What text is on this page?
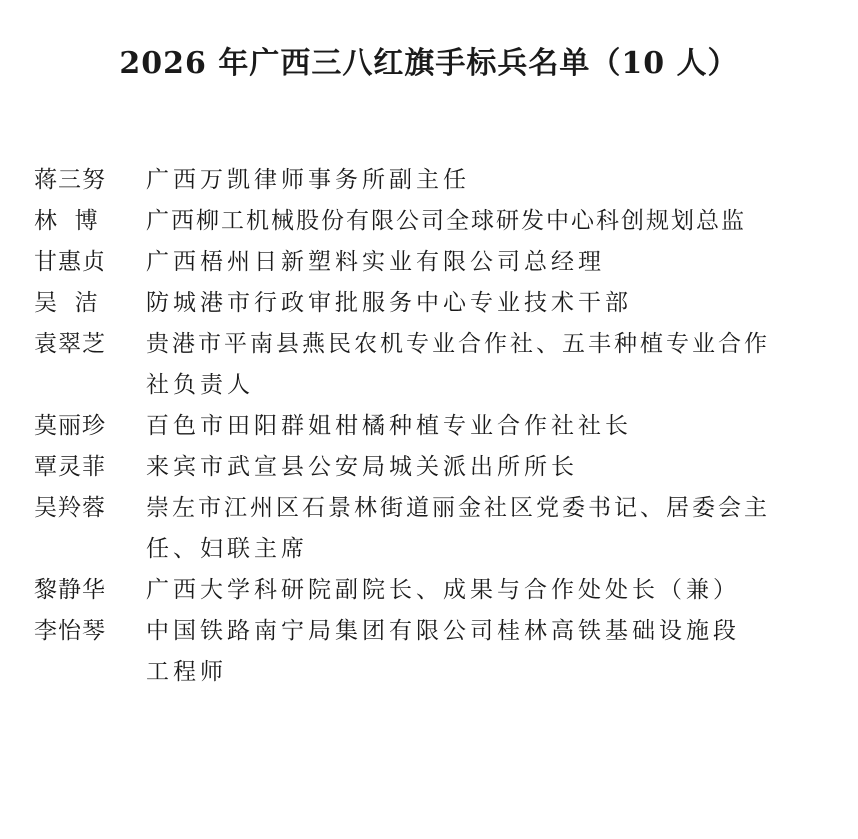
2026 年广西三八红旗手标兵名单（10 人）
蒋三努	广西万凯律师事务所副主任
林  博	广西柳工机械股份有限公司全球研发中心科创规划总监
甘惠贞	广西梧州日新塑料实业有限公司总经理
吴  洁	防城港市行政审批服务中心专业技术干部
袁翠芝	贵港市平南县燕民农机专业合作社、五丰种植专业合作
社负责人
莫丽珍	百色市田阳群姐柑橘种植专业合作社社长
覃灵菲	来宾市武宣县公安局城关派出所所长
吴羚蓉	崇左市江州区石景林街道丽金社区党委书记、居委会主
任、妇联主席
黎静华	广西大学科研院副院长、成果与合作处处长（兼）
李怡琴	中国铁路南宁局集团有限公司桂林高铁基础设施段
工程师
